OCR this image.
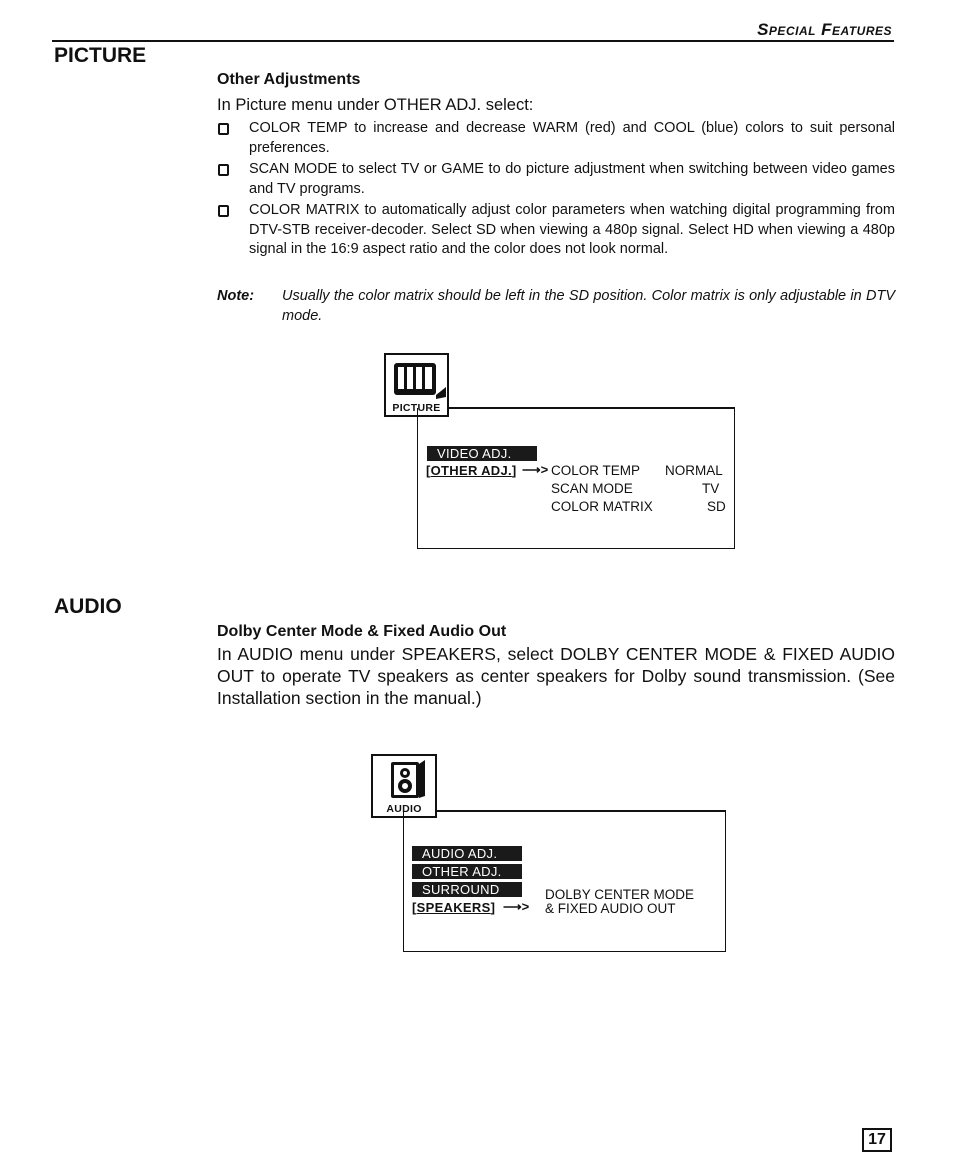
Special Features
PICTURE
Other Adjustments
In Picture menu under OTHER ADJ. select:
COLOR TEMP to increase and decrease WARM (red) and COOL (blue) colors to suit personal preferences.
SCAN MODE to select TV or GAME to do picture adjustment when switching between video games and TV programs.
COLOR MATRIX to automatically adjust color parameters when watching digital programming from DTV-STB receiver-decoder. Select SD when viewing a 480p signal. Select HD when viewing a 480p signal in the 16:9 aspect ratio and the color does not look normal.
Note: Usually the color matrix should be left in the SD position. Color matrix is only adjustable in DTV mode.
PICTURE
VIDEO ADJ.
[OTHER ADJ.] ⟶> COLOR TEMP NORMAL
SCAN MODE	TV
COLOR MATRIX	SD
AUDIO
Dolby Center Mode & Fixed Audio Out
In AUDIO menu under SPEAKERS, select DOLBY CENTER MODE & FIXED AUDIO OUT to operate TV speakers as center speakers for Dolby sound transmission. (See Installation section in the manual.)
AUDIO
AUDIO ADJ.
OTHER ADJ.
SURROUND
[SPEAKERS] ⟶>
DOLBY CENTER MODE
& FIXED AUDIO OUT
17
